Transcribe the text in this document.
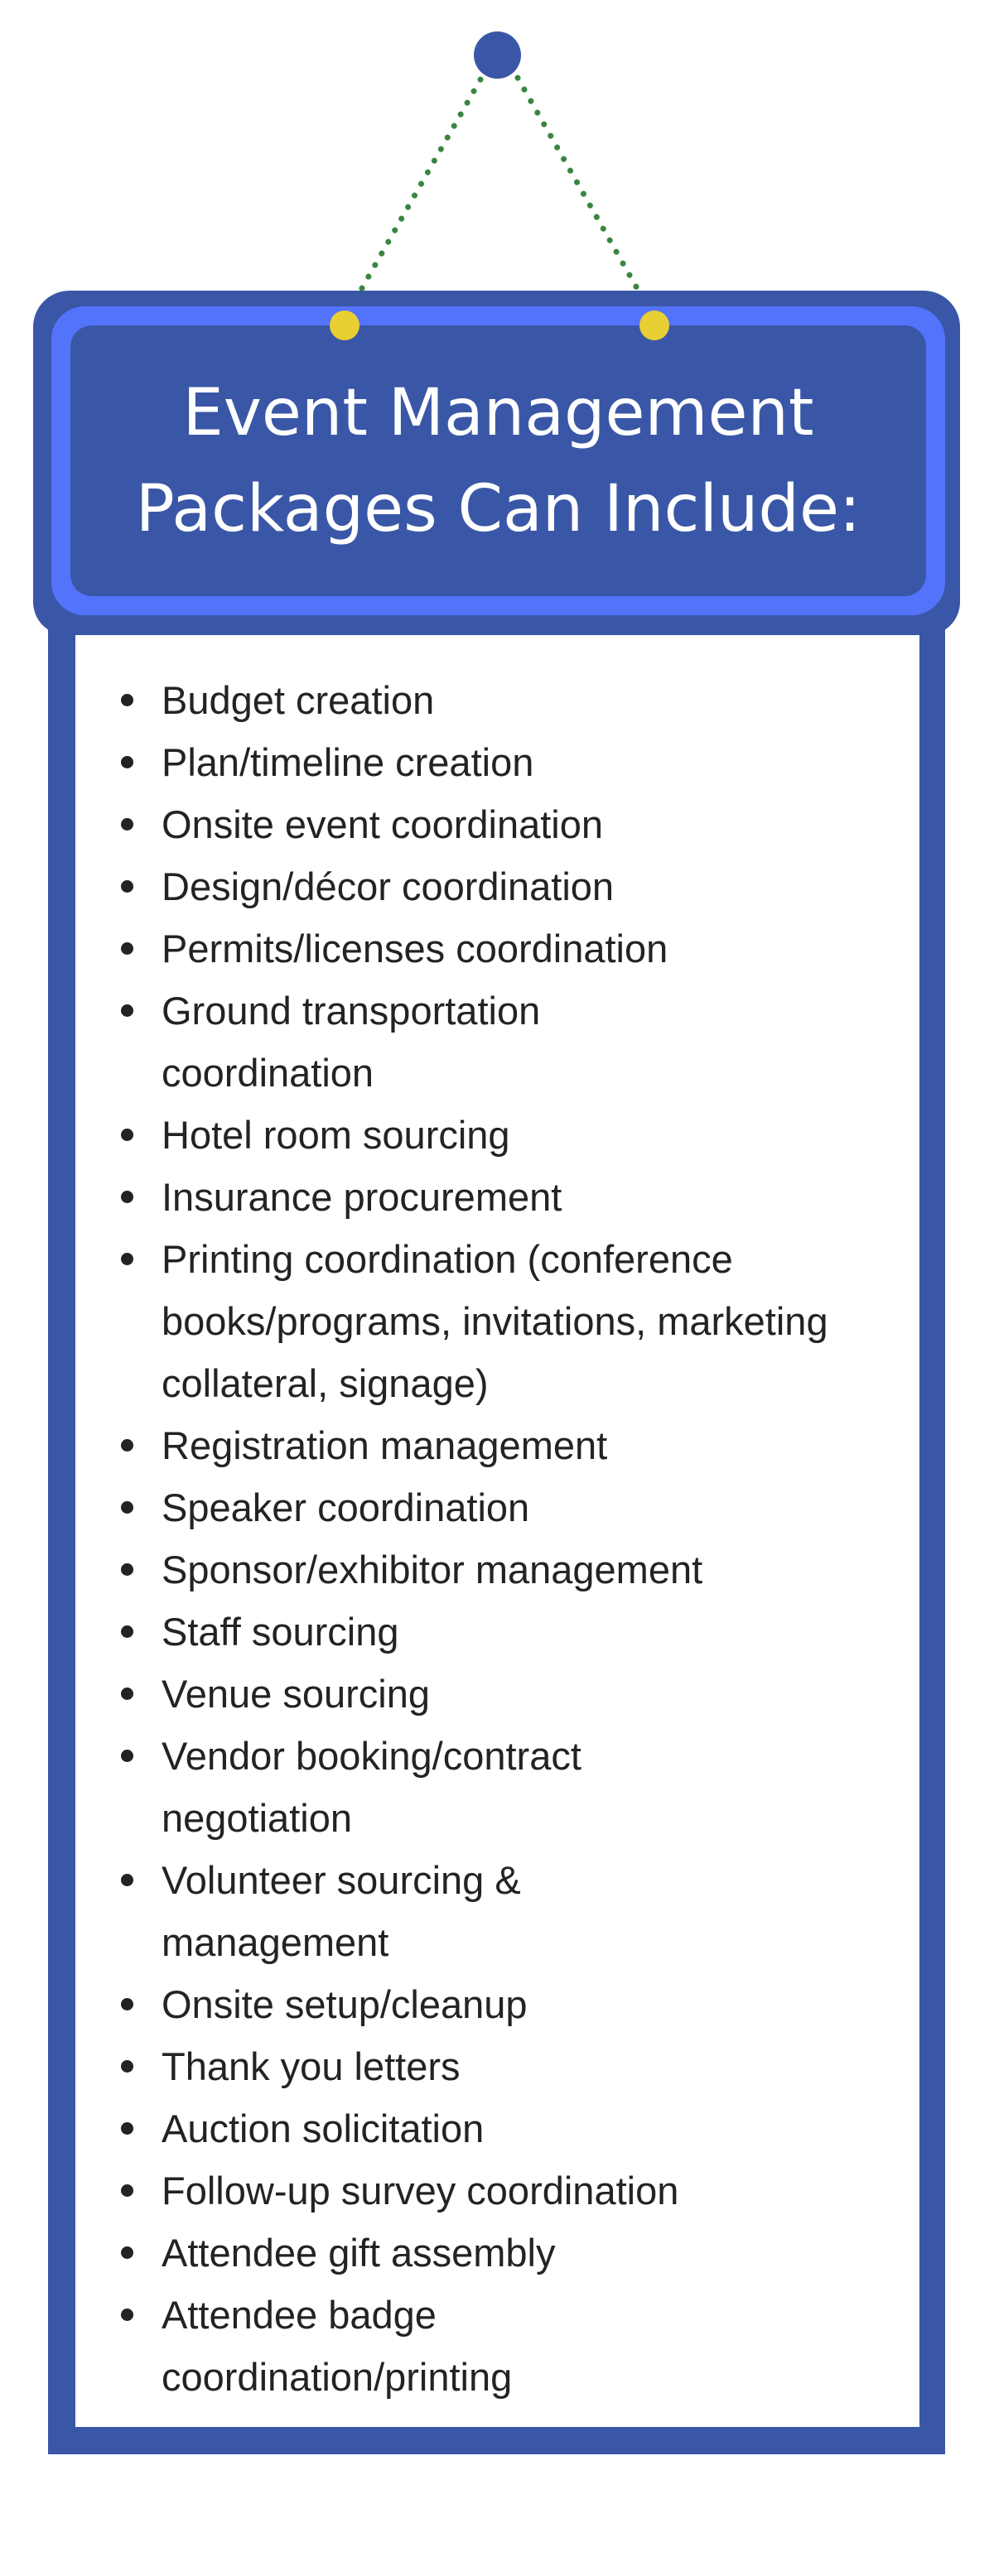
Budget creation
Plan/timeline creation
Onsite event coordination
Design/décor coordination
Permits/licenses coordination
Ground transportation coordination
Hotel room sourcing
Insurance procurement
Printing coordination (conference books/programs, invitations, marketing collateral, signage)
Registration management
Speaker coordination
Sponsor/exhibitor management
Staff sourcing
Venue sourcing
Vendor booking/contract negotiation
Volunteer sourcing & management
Onsite setup/cleanup
Thank you letters
Auction solicitation
Follow-up survey coordination
Attendee gift assembly
Attendee badge coordination/printing
Event Management
Packages Can Include:
